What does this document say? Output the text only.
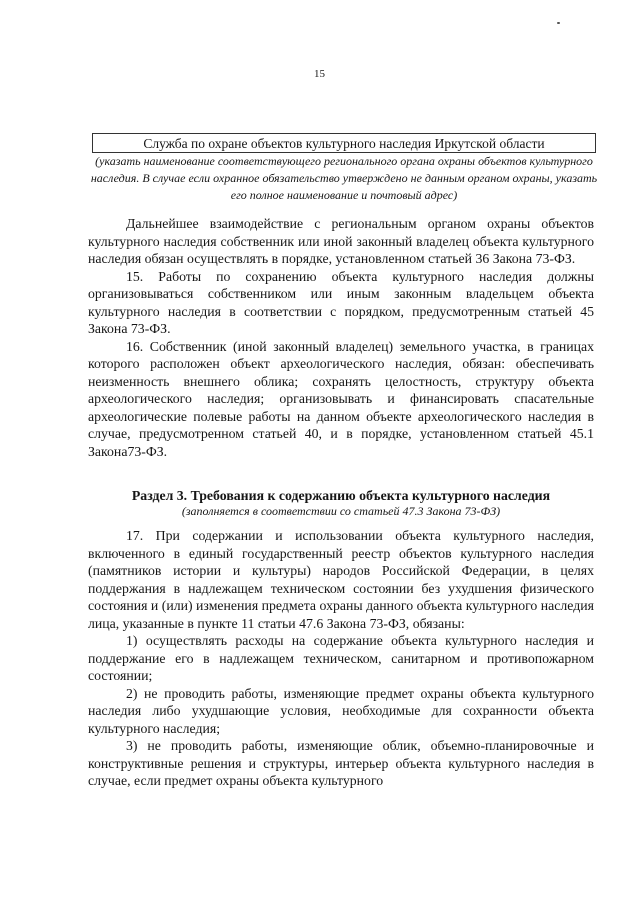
15
Служба по охране объектов культурного наследия Иркутской области
(указать наименование соответствующего регионального органа охраны объектов культурного наследия. В случае если охранное обязательство утверждено не данным органом охраны, указать его полное наименование и почтовый адрес)

Дальнейшее взаимодействие с региональным органом охраны объектов культурного наследия собственник или иной законный владелец объекта культурного наследия обязан осуществлять в порядке, установленном статьей 36 Закона 73-ФЗ.

15. Работы по сохранению объекта культурного наследия должны организовываться собственником или иным законным владельцем объекта культурного наследия в соответствии с порядком, предусмотренным статьей 45 Закона 73-ФЗ.

16. Собственник (иной законный владелец) земельного участка, в границах которого расположен объект археологического наследия, обязан: обеспечивать неизменность внешнего облика; сохранять целостность, структуру объекта археологического наследия; организовывать и финансировать спасательные археологические полевые работы на данном объекте археологического наследия в случае, предусмотренном статьей 40, и в порядке, установленном статьей 45.1 Закона73-ФЗ.

Раздел 3. Требования к содержанию объекта культурного наследия
(заполняется в соответствии со статьей 47.3 Закона 73-ФЗ)

17. При содержании и использовании объекта культурного наследия, включенного в единый государственный реестр объектов культурного наследия (памятников истории и культуры) народов Российской Федерации, в целях поддержания в надлежащем техническом состоянии без ухудшения физического состояния и (или) изменения предмета охраны данного объекта культурного наследия лица, указанные в пункте 11 статьи 47.6 Закона 73-ФЗ, обязаны:

1) осуществлять расходы на содержание объекта культурного наследия и поддержание его в надлежащем техническом, санитарном и противопожарном состоянии;

2) не проводить работы, изменяющие предмет охраны объекта культурного наследия либо ухудшающие условия, необходимые для сохранности объекта культурного наследия;

3) не проводить работы, изменяющие облик, объемно-планировочные и конструктивные решения и структуры, интерьер объекта культурного наследия в случае, если предмет охраны объекта культурного
